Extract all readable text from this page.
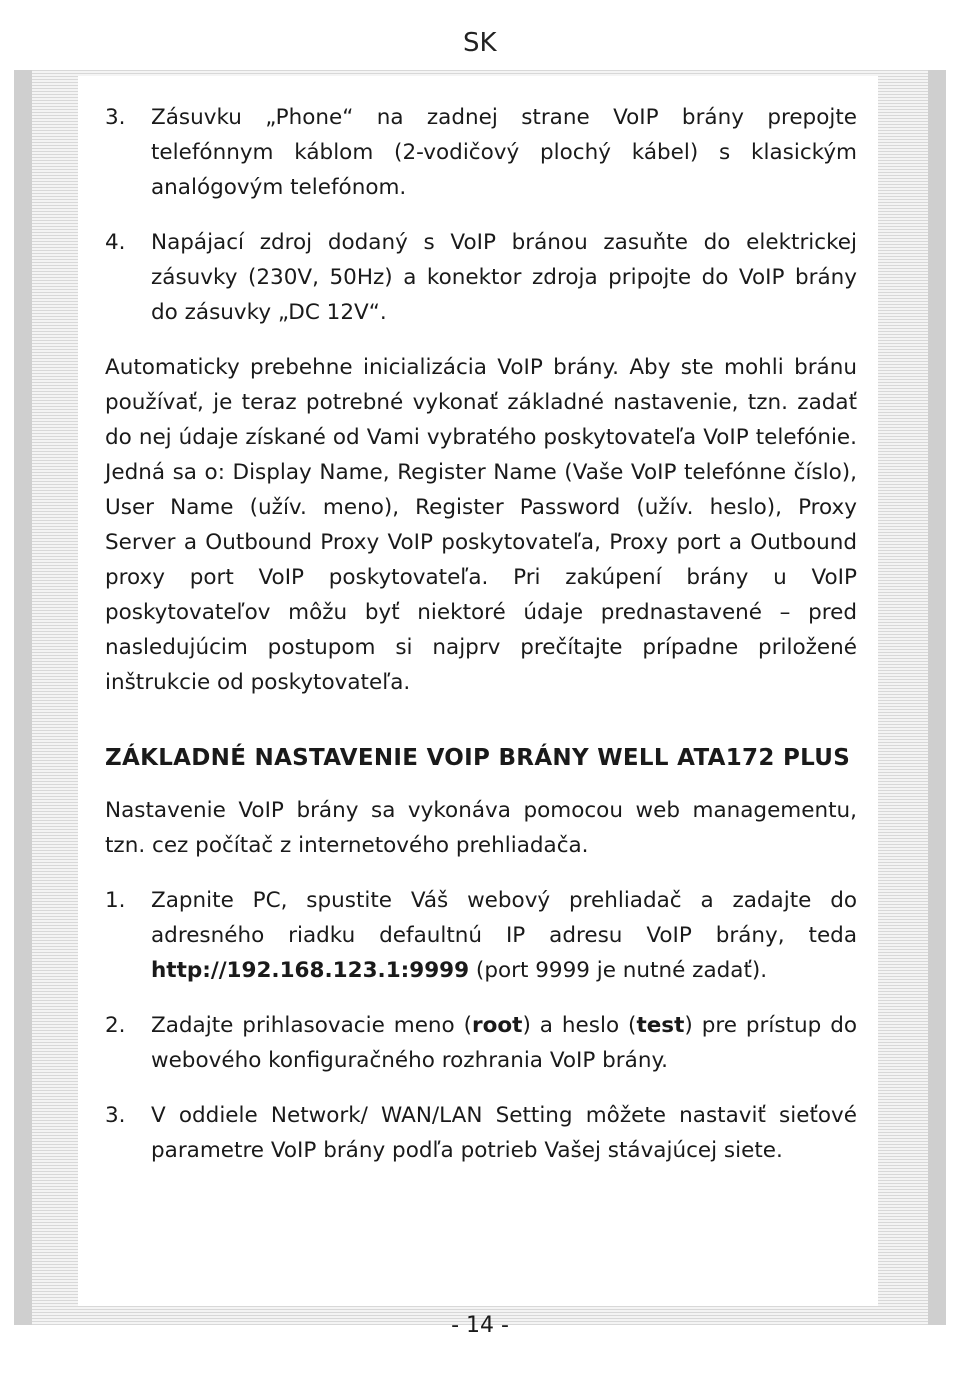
SK
3.	Zásuvku „Phone“ na zadnej strane VoIP brány prepojte telefónnym káblom (2-vodičový plochý kábel) s klasickým analógovým telefónom.
4.	Napájací zdroj dodaný s VoIP bránou zasuňte do elektrickej zásuvky (230V, 50Hz) a konektor zdroja pripojte do VoIP brány do zásuvky „DC 12V“.

Automaticky prebehne inicializácia VoIP brány. Aby ste mohli bránu používať, je teraz potrebné vykonať základné nastavenie, tzn. zadať do nej údaje získané od Vami vybratého poskytovateľa VoIP telefónie. Jedná sa o: Display Name, Register Name (Vaše VoIP telefónne číslo), User Name (užív. meno), Register Password (užív. heslo), Proxy Server a Outbound Proxy VoIP poskytovateľa, Proxy port a Outbound proxy port VoIP poskytovateľa. Pri zakúpení brány u VoIP poskytovateľov môžu byť niektoré údaje prednastavené – pred nasledujúcim postupom si najprv prečítajte prípadne priložené inštrukcie od poskytovateľa.

ZÁKLADNÉ NASTAVENIE VOIP BRÁNY WELL ATA172 PLUS

Nastavenie VoIP brány sa vykonáva pomocou web managementu, tzn. cez počítač z internetového prehliadača.

1.	Zapnite PC, spustite Váš webový prehliadač a zadajte do adresného riadku defaultnú IP adresu VoIP brány, teda http://192.168.123.1:9999 (port 9999 je nutné zadať).
2.	Zadajte prihlasovacie meno (root) a heslo (test) pre prístup do webového konfiguračného rozhrania VoIP brány.
3.	V oddiele Network/ WAN/LAN Setting môžete nastaviť sieťové parametre VoIP brány podľa potrieb Vašej stávajúcej siete.
- 14 -
